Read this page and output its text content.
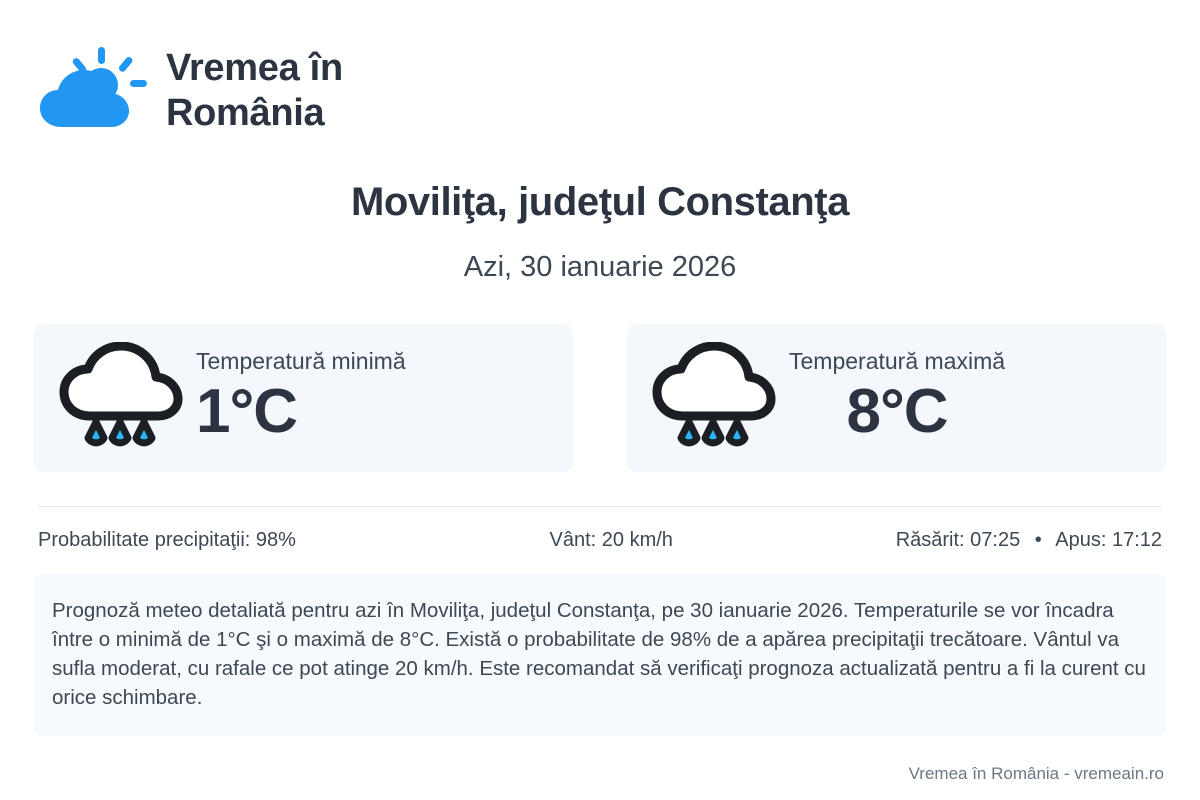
Vremea în
România
Moviliţa, judeţul Constanţa
Azi, 30 ianuarie 2026
Temperatură minimă
1°C
Temperatură maximă
8°C
Probabilitate precipitaţii: 98%	Vânt: 20 km/h	Răsărit: 07:25 • Apus: 17:12
Prognoză meteo detaliată pentru azi în Moviliţa, judeţul Constanţa, pe 30 ianuarie 2026. Temperaturile se vor încadra între o minimă de 1°C şi o maximă de 8°C. Există o probabilitate de 98% de a apărea precipitaţii trecătoare. Vântul va sufla moderat, cu rafale ce pot atinge 20 km/h. Este recomandat să verificaţi prognoza actualizată pentru a fi la curent cu orice schimbare.
Vremea în România - vremeain.ro
